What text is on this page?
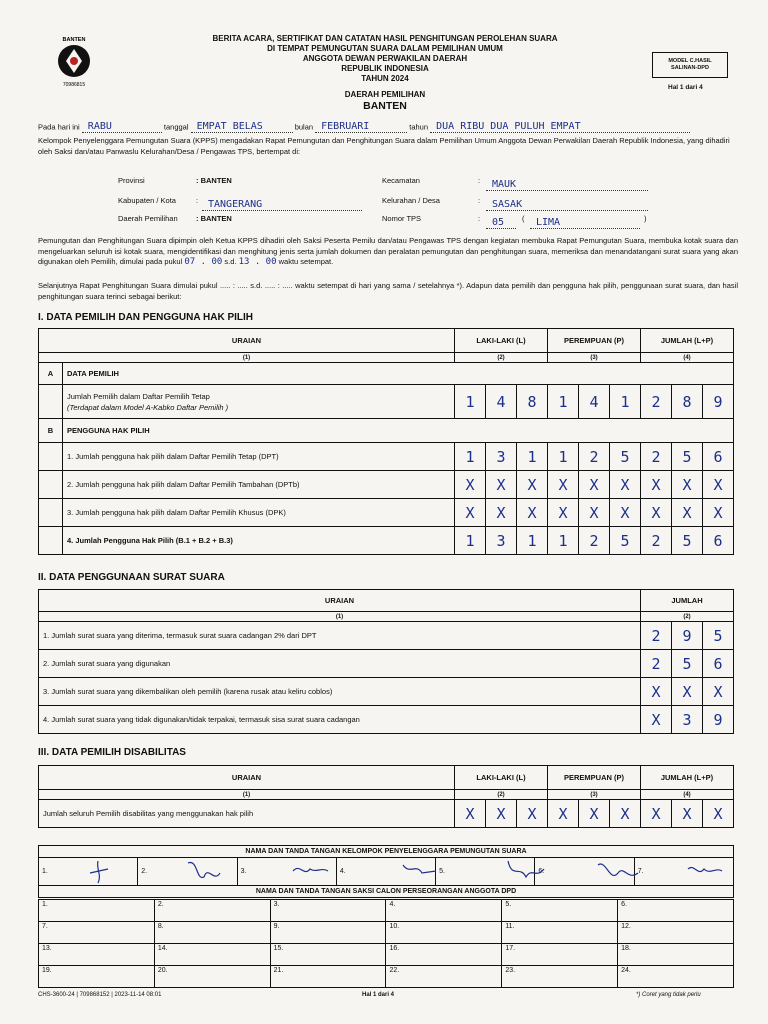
BANTEN
70986815
BERITA ACARA, SERTIFIKAT DAN CATATAN HASIL PENGHITUNGAN PEROLEHAN SUARA
DI TEMPAT PEMUNGUTAN SUARA DALAM PEMILIHAN UMUM
ANGGOTA DEWAN PERWAKILAN DAERAH
REPUBLIK INDONESIA
TAHUN 2024
DAERAH PEMILIHAN
BANTEN
MODEL C.HASIL
SALINAN-DPD
Hal 1 dari 4
Pada hari ini RABU	tanggal EMPAT BELAS	bulan FEBRUARI	tahun DUA RIBU DUA PULUH EMPAT
Kelompok Penyelenggara Pemungutan Suara (KPPS) mengadakan Rapat Pemungutan dan Penghitungan Suara dalam Pemilihan Umum Anggota Dewan Perwakilan Daerah Republik Indonesia, yang dihadiri oleh Saksi dan/atau Panwaslu Kelurahan/Desa / Pengawas TPS, bertempat di:
Provinsi	: BANTEN
Kabupaten / Kota	: TANGERANG
Daerah Pemilihan : BANTEN
Kecamatan	: MAUK
Kelurahan / Desa	: SASAK
Nomor TPS	: 05 ( LIMA	)
Pemungutan dan Penghitungan Suara dipimpin oleh Ketua KPPS dihadiri oleh Saksi Peserta Pemilu dan/atau Pengawas TPS dengan kegiatan membuka Rapat Pemungutan Suara, membuka kotak suara dan mengeluarkan seluruh isi kotak suara, mengidentifikasi dan menghitung jenis serta jumlah dokumen dan peralatan pemungutan dan penghitungan suara, memeriksa dan menandatangani surat suara yang akan digunakan oleh Pemilih, dimulai pada pukul 07 . 00 s.d. 13 . 00 waktu setempat.
Selanjutnya Rapat Penghitungan Suara dimulai pukul ..... : ..... s.d. ..... : ..... waktu setempat di hari yang sama / setelahnya *). Adapun data pemilih dan pengguna hak pilih, penggunaan surat suara, dan hasil penghitungan suara terinci sebagai berikut:
I. DATA PEMILIH DAN PENGGUNA HAK PILIH
URAIAN		LAKI-LAKI (L)			PEREMPUAN (P)			JUMLAH (L+P)		
(1)		(2)			(3)			(4)		
A	DATA PEMILIH									

	Jumlah Pemilih dalam Daftar Pemilih Tetap
(Terdapat dalam Model A-Kabko Daftar Pemilih )	1	4	8	1	4	1	2	8	9
B	PENGGUNA HAK PILIH									
	1. Jumlah pengguna hak pilih dalam Daftar Pemilih Tetap (DPT)	1	3	1	1	2	5	2	5	6
	2. Jumlah pengguna hak pilih dalam Daftar Pemilih Tambahan (DPTb)	X	X	X	X	X	X	X	X	X
	3. Jumlah pengguna hak pilih dalam Daftar Pemilih Khusus (DPK)	X	X	X	X	X	X	X	X	X
	4. Jumlah Pengguna Hak Pilih (B.1 + B.2 + B.3)	1	3	1	1	2	5	2	5	6
II. DATA PENGGUNAAN SURAT SUARA
URAIAN	JUMLAH		
(1)	(2)		
1. Jumlah surat suara yang diterima, termasuk surat suara cadangan 2% dari DPT	2	9	5
2. Jumlah surat suara yang digunakan	2	5	6
3. Jumlah surat suara yang dikembalikan oleh pemilih (karena rusak atau keliru coblos)	X	X	X
4. Jumlah surat suara yang tidak digunakan/tidak terpakai, termasuk sisa surat suara cadangan	X	3	9
III. DATA PEMILIH DISABILITAS
URAIAN	LAKI-LAKI (L)			PEREMPUAN (P)			JUMLAH (L+P)		
(1)	(2)			(3)			(4)		
Jumlah seluruh Pemilih disabilitas yang menggunakan hak pilih	X	X	X	X	X	X	X	X	X
NAMA DAN TANDA TANGAN KELOMPOK PENYELENGGARA PEMUNGUTAN SUARA
1.	2.	3.	4.	5.	6.	7.
NAMA DAN TANDA TANGAN SAKSI CALON PERSEORANGAN ANGGOTA DPD
1.	2.	3.	4.	5.	6.
7.	8.	9.	10.	11.	12.
13.	14.	15.	16.	17.	18.
19.	20.	21.	22.	23.	24.
CHS-3600-24 | 709868152 | 2023-11-14 08:01	Hal 1 dari 4	*) Coret yang tidak perlu
